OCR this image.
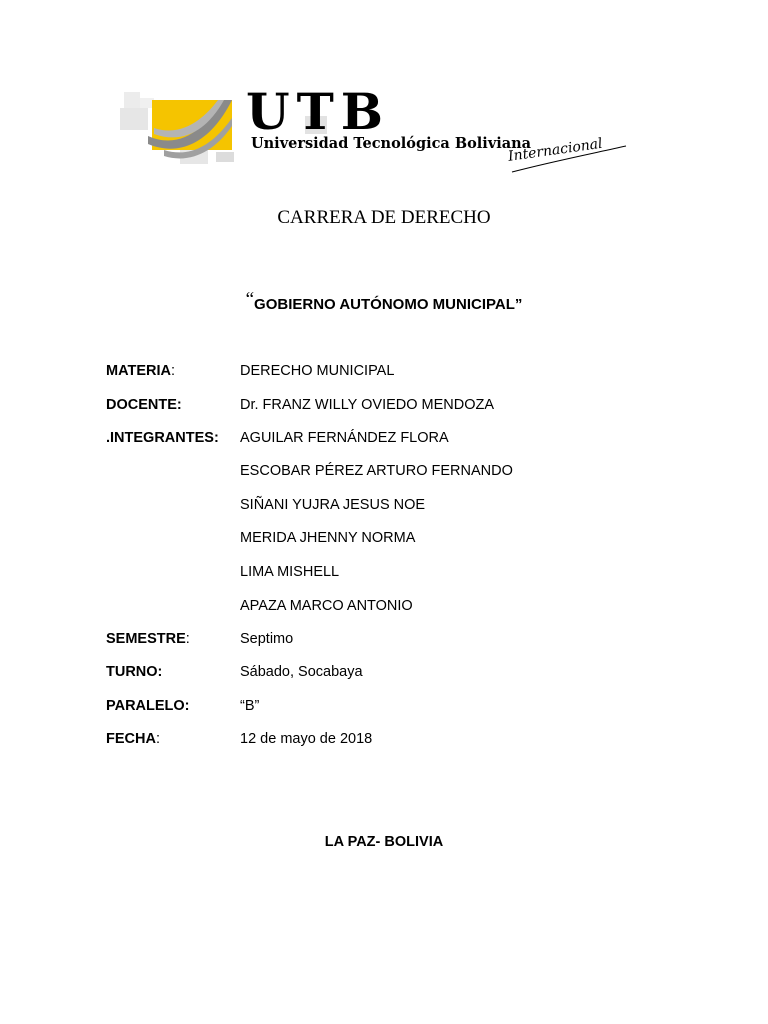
UTB
Universidad Tecnológica Boliviana
Internacional
CARRERA DE DERECHO
“GOBIERNO AUTÓNOMO MUNICIPAL”
MATERIA:	DERECHO MUNICIPAL
DOCENTE:	Dr. FRANZ WILLY OVIEDO MENDOZA
.INTEGRANTES: AGUILAR FERNÁNDEZ FLORA
ESCOBAR PÉREZ ARTURO FERNANDO
SIÑANI YUJRA JESUS NOE
MERIDA JHENNY NORMA
LIMA MISHELL
APAZA MARCO ANTONIO
SEMESTRE:	Septimo
TURNO:	Sábado, Socabaya
PARALELO:	“B”
FECHA:	12 de mayo de 2018
LA PAZ- BOLIVIA
